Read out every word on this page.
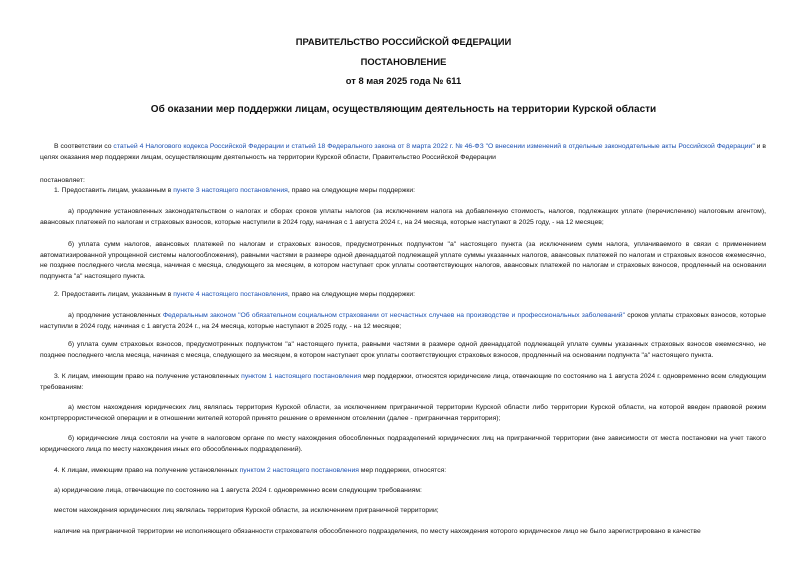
ПРАВИТЕЛЬСТВО РОССИЙСКОЙ ФЕДЕРАЦИИ
ПОСТАНОВЛЕНИЕ
от 8 мая 2025 года № 611
Об оказании мер поддержки лицам, осуществляющим деятельность на территории Курской области
В соответствии со статьей 4 Налогового кодекса Российской Федерации и статьей 18 Федерального закона от 8 марта 2022 г. № 46-ФЗ "О внесении изменений в отдельные законодательные акты Российской Федерации" и в целях оказания мер поддержки лицам, осуществляющим деятельность на территории Курской области, Правительство Российской Федерации
постановляет:
1. Предоставить лицам, указанным в пункте 3 настоящего постановления, право на следующие меры поддержки:
а) продление установленных законодательством о налогах и сборах сроков уплаты налогов (за исключением налога на добавленную стоимость, налогов, подлежащих уплате (перечислению) налоговым агентом), авансовых платежей по налогам и страховых взносов, которые наступили в 2024 году, начиная с 1 августа 2024 г., на 24 месяца, которые наступают в 2025 году, - на 12 месяцев;
б) уплата сумм налогов, авансовых платежей по налогам и страховых взносов, предусмотренных подпунктом "а" настоящего пункта (за исключением сумм налога, уплачиваемого в связи с применением автоматизированной упрощенной системы налогообложения), равными частями в размере одной двенадцатой подлежащей уплате суммы указанных налогов, авансовых платежей по налогам и страховых взносов ежемесячно, не позднее последнего числа месяца, начиная с месяца, следующего за месяцем, в котором наступает срок уплаты соответствующих налогов, авансовых платежей по налогам и страховых взносов, продленный на основании подпункта "а" настоящего пункта.
2. Предоставить лицам, указанным в пункте 4 настоящего постановления, право на следующие меры поддержки:
а) продление установленных Федеральным законом "Об обязательном социальном страховании от несчастных случаев на производстве и профессиональных заболеваний" сроков уплаты страховых взносов, которые наступили в 2024 году, начиная с 1 августа 2024 г., на 24 месяца, которые наступают в 2025 году, - на 12 месяцев;
б) уплата сумм страховых взносов, предусмотренных подпунктом "а" настоящего пункта, равными частями в размере одной двенадцатой подлежащей уплате суммы указанных страховых взносов ежемесячно, не позднее последнего числа месяца, начиная с месяца, следующего за месяцем, в котором наступает срок уплаты соответствующих страховых взносов, продленный на основании подпункта "а" настоящего пункта.
3. К лицам, имеющим право на получение установленных пунктом 1 настоящего постановления мер поддержки, относятся юридические лица, отвечающие по состоянию на 1 августа 2024 г. одновременно всем следующим требованиям:
а) местом нахождения юридических лиц являлась территория Курской области, за исключением приграничной территории Курской области либо территории Курской области, на которой введен правовой режим контртеррористической операции и в отношении жителей которой принято решение о временном отселении (далее - приграничная территория);
б) юридические лица состояли на учете в налоговом органе по месту нахождения обособленных подразделений юридических лиц на приграничной территории (вне зависимости от места постановки на учет такого юридического лица по месту нахождения иных его обособленных подразделений).
4. К лицам, имеющим право на получение установленных пунктом 2 настоящего постановления мер поддержки, относятся:
а) юридические лица, отвечающие по состоянию на 1 августа 2024 г. одновременно всем следующим требованиям:
местом нахождения юридических лиц являлась территория Курской области, за исключением приграничной территории;
наличие на приграничной территории не исполняющего обязанности страхователя обособленного подразделения, по месту нахождения которого юридическое лицо не было зарегистрировано в качестве
